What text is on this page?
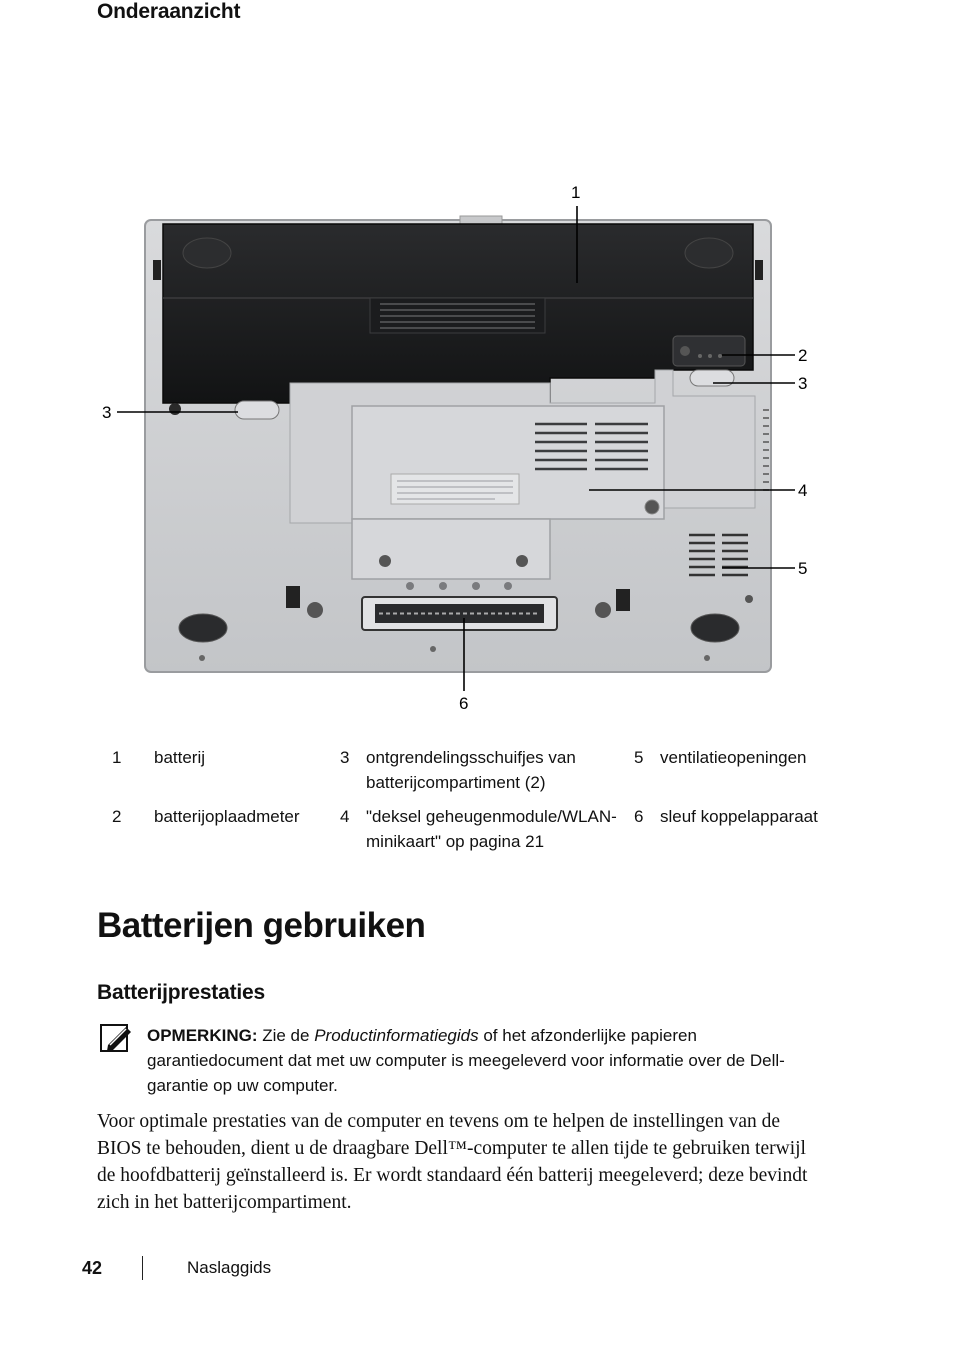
Onderaanzicht
1
2
3
3
4
5
6
1	batterij	3	ontgrendelingsschuifjes van batterijcompartiment (2)	5	ventilatieopeningen
2	batterijoplaadmeter	4	"deksel geheugenmodule/WLAN-minikaart" op pagina 21	6	sleuf koppelapparaat
Batterijen gebruiken
Batterijprestaties
OPMERKING: Zie de Productinformatiegids of het afzonderlijke papieren garantiedocument dat met uw computer is meegeleverd voor informatie over de Dell-garantie op uw computer.
Voor optimale prestaties van de computer en tevens om te helpen de instellingen van de BIOS te behouden, dient u de draagbare Dell™-computer te allen tijde te gebruiken terwijl de hoofdbatterij geïnstalleerd is. Er wordt standaard één batterij meegeleverd; deze bevindt zich in het batterijcompartiment.
42	Naslaggids
